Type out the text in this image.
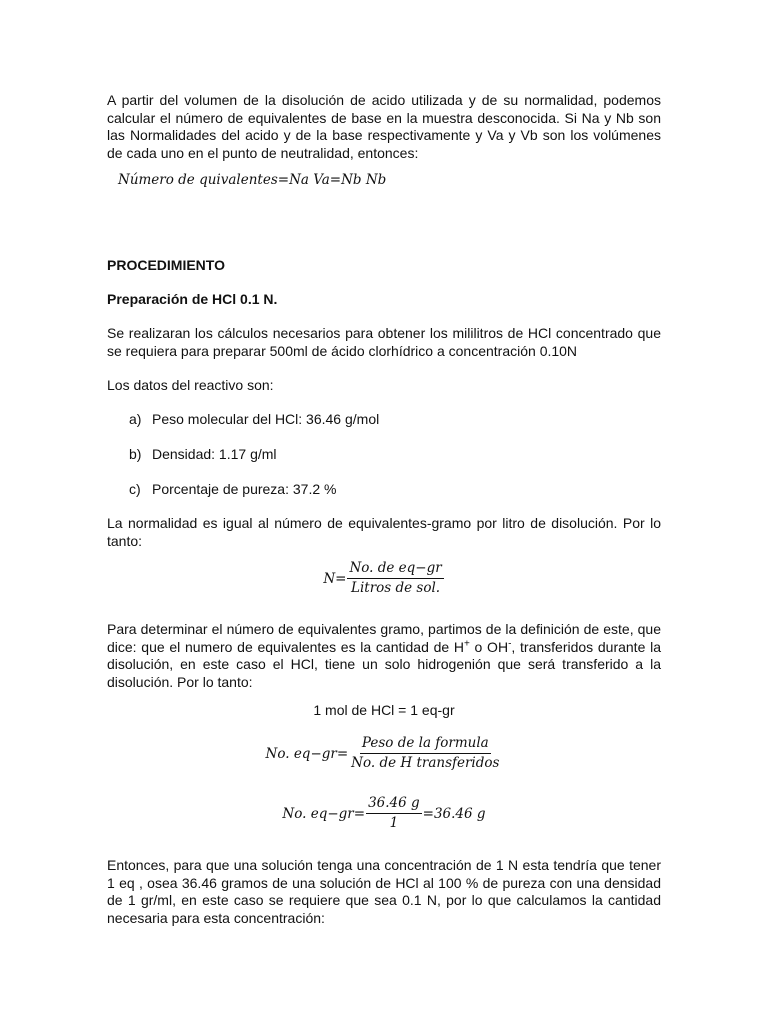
A partir del volumen de la disolución de acido utilizada y de su normalidad, podemos calcular el número de equivalentes de base en la muestra desconocida. Si Na y Nb son las Normalidades del acido y de la base respectivamente y Va y Vb son los volúmenes de cada uno en el punto de neutralidad, entonces:

Número de quivalentes=Na Va=Nb Nb
PROCEDIMIENTO
Preparación de HCl 0.1 N.

Se realizaran los cálculos necesarios para obtener los mililitros de HCl concentrado que se requiera para preparar 500ml de ácido clorhídrico a concentración 0.10N

Los datos del reactivo son:
a) Peso molecular del HCl: 36.46 g/mol
b) Densidad: 1.17 g/ml
c) Porcentaje de pureza: 37.2 %

La normalidad es igual al número de equivalentes-gramo por litro de disolución. Por lo tanto:

$N= \frac{\text{No. de eq−gr}}{\text{Litros de sol.}}$

Para determinar el número de equivalentes gramo, partimos de la definición de este, que dice: que el numero de equivalentes es la cantidad de H+ o OH-, transferidos durante la disolución, en este caso el HCl, tiene un solo hidrogenión que será transferido a la disolución. Por lo tanto:

1 mol de HCl = 1 eq-gr
No. $eq-gr= \frac{\text{Peso de la formula}}{\text{No. de H transferidos}}$
No. $eq-gr= \frac{36.46 g}{1} =36.46$ g

Entonces, para que una solución tenga una concentración de 1 N esta tendría que tener 1 eq , osea 36.46 gramos de una solución de HCl al 100 % de pureza con una densidad de 1 gr/ml, en este caso se requiere que sea 0.1 N, por lo que calculamos la cantidad necesaria para esta concentración:
